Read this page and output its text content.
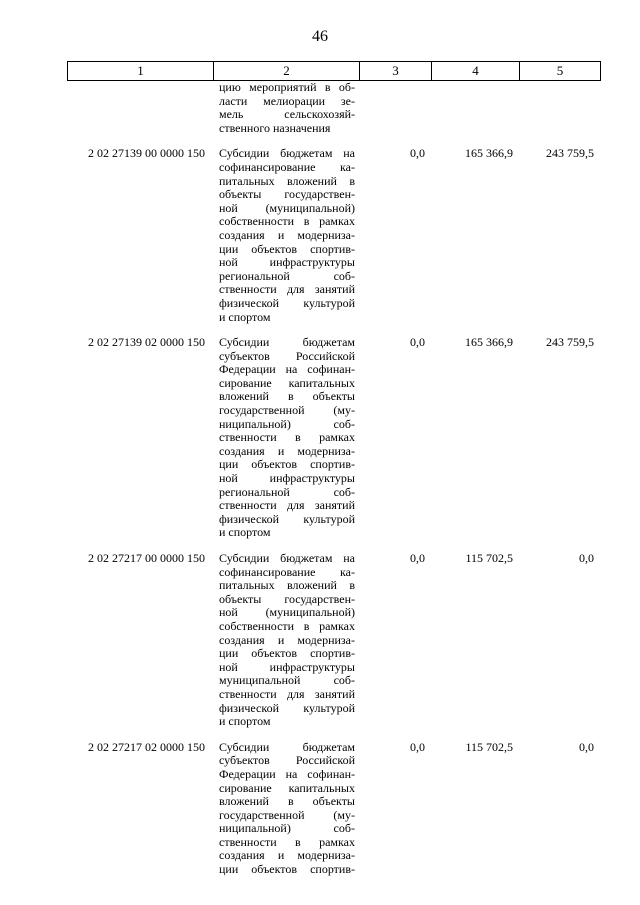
46
1	2	3	4	5
цию мероприятий в об-
ласти мелиорации зе-
мель сельскохозяй-
ственного назначения
2 02 27139 00 0000 150	Субсидии бюджетам на
софинансирование ка-
питальных вложений в
объекты государствен-
ной (муниципальной)
собственности в рамках
создания и модерниза-
ции объектов спортив-
ной инфраструктуры
региональной соб-
ственности для занятий
физической культурой
и спортом
0,0	165 366,9	243 759,5
2 02 27139 02 0000 150	Субсидии бюджетам
субъектов Российской
Федерации на софинан-
сирование капитальных
вложений в объекты
государственной (му-
ниципальной) соб-
ственности в рамках
создания и модерниза-
ции объектов спортив-
ной инфраструктуры
региональной соб-
ственности для занятий
физической культурой
и спортом
0,0	165 366,9	243 759,5
2 02 27217 00 0000 150	Субсидии бюджетам на
софинансирование ка-
питальных вложений в
объекты государствен-
ной (муниципальной)
собственности в рамках
создания и модерниза-
ции объектов спортив-
ной инфраструктуры
муниципальной соб-
ственности для занятий
физической культурой
и спортом
0,0	115 702,5	0,0
2 02 27217 02 0000 150	Субсидии бюджетам
субъектов Российской
Федерации на софинан-
сирование капитальных
вложений в объекты
государственной (му-
ниципальной) соб-
ственности в рамках
создания и модерниза-
ции объектов спортив-
0,0	115 702,5	0,0
